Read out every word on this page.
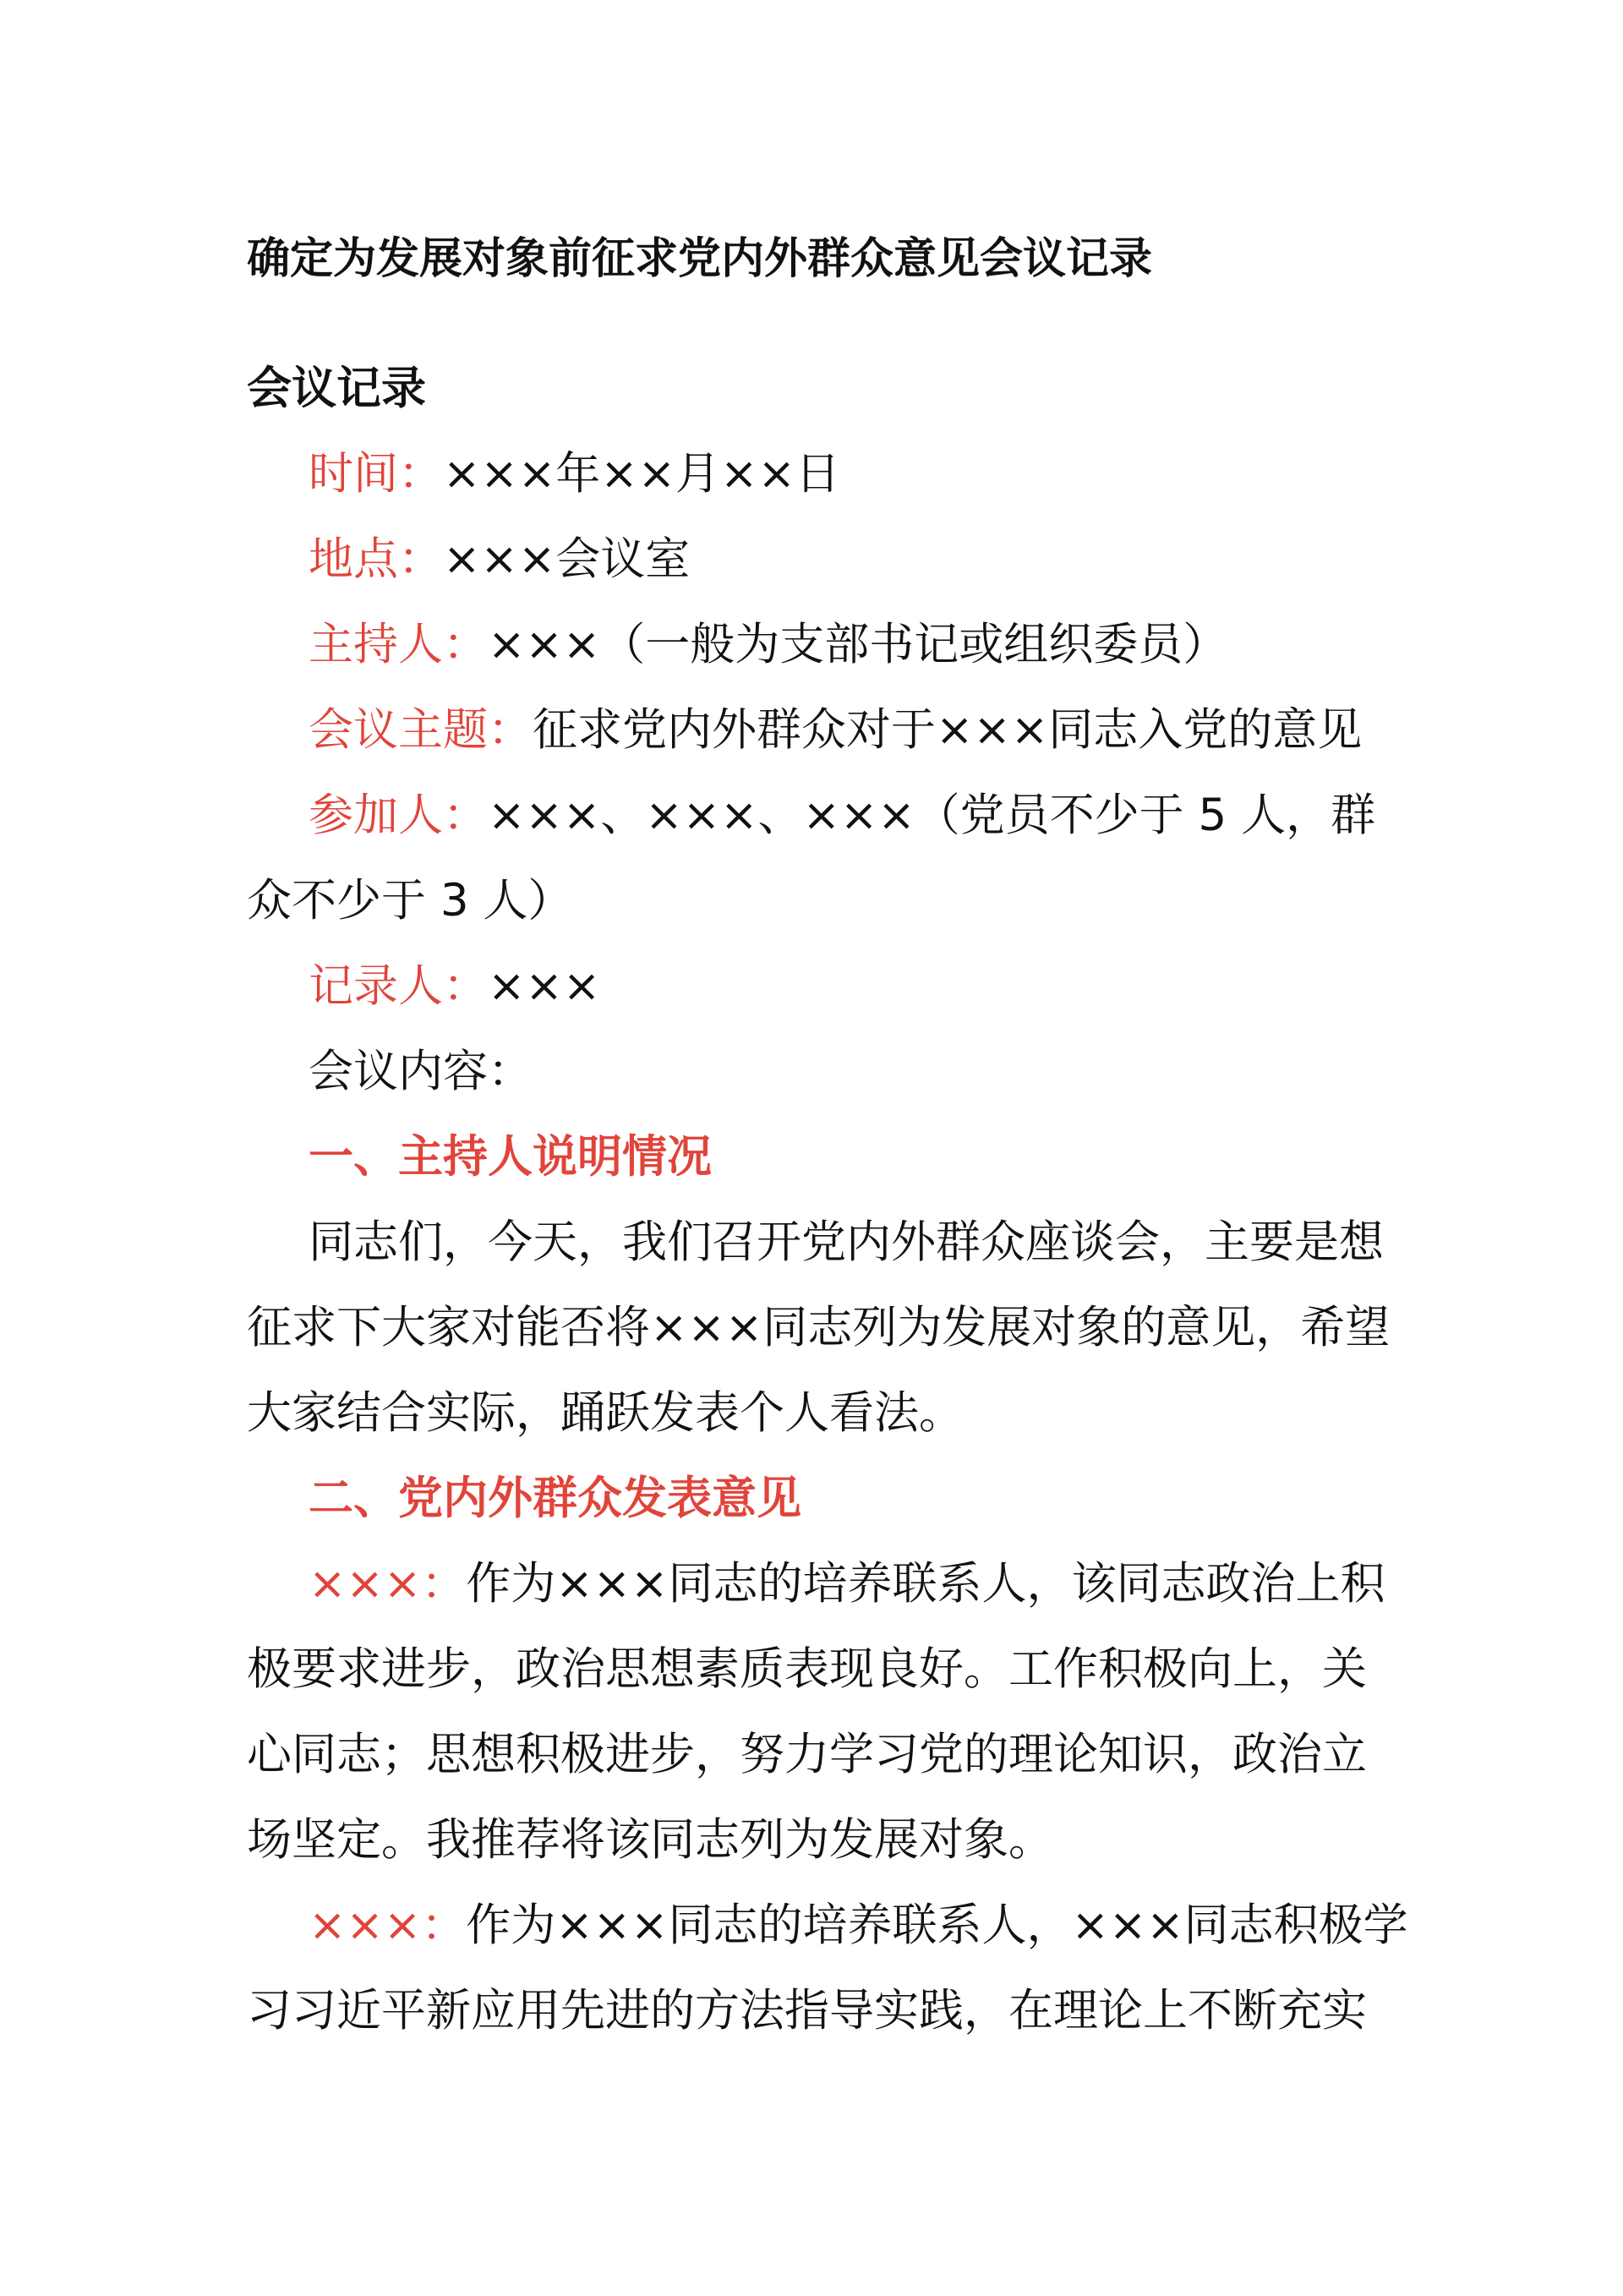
确定为发展对象前征求党内外群众意见会议记录
会议记录
时间：×××年××月××日
地点：×××会议室
主持人：×××（一般为支部书记或组织委员）
会议主题：征求党内外群众对于×××同志入党的意见
参加人：×××、×××、×××（党员不少于 5 人，群
众不少于 3 人）
记录人：×××
会议内容：
一、主持人说明情况
同志们，今天，我们召开党内外群众座谈会，主要是想
征求下大家对能否将×××同志列为发展对象的意见，希望
大家结合实际，踊跃发表个人看法。
二、党内外群众发表意见
×××：作为×××同志的培养联系人，该同志政治上积
极要求进步，政治思想素质表现良好。工作积极向上，关
心同志；思想积极进步，努力学习党的理论知识，政治立
场坚定。我推荐将该同志列为发展对象。
×××：作为×××同志的培养联系人，×××同志积极学
习习近平新应用先进的方法指导实践，在理论上不断充实
